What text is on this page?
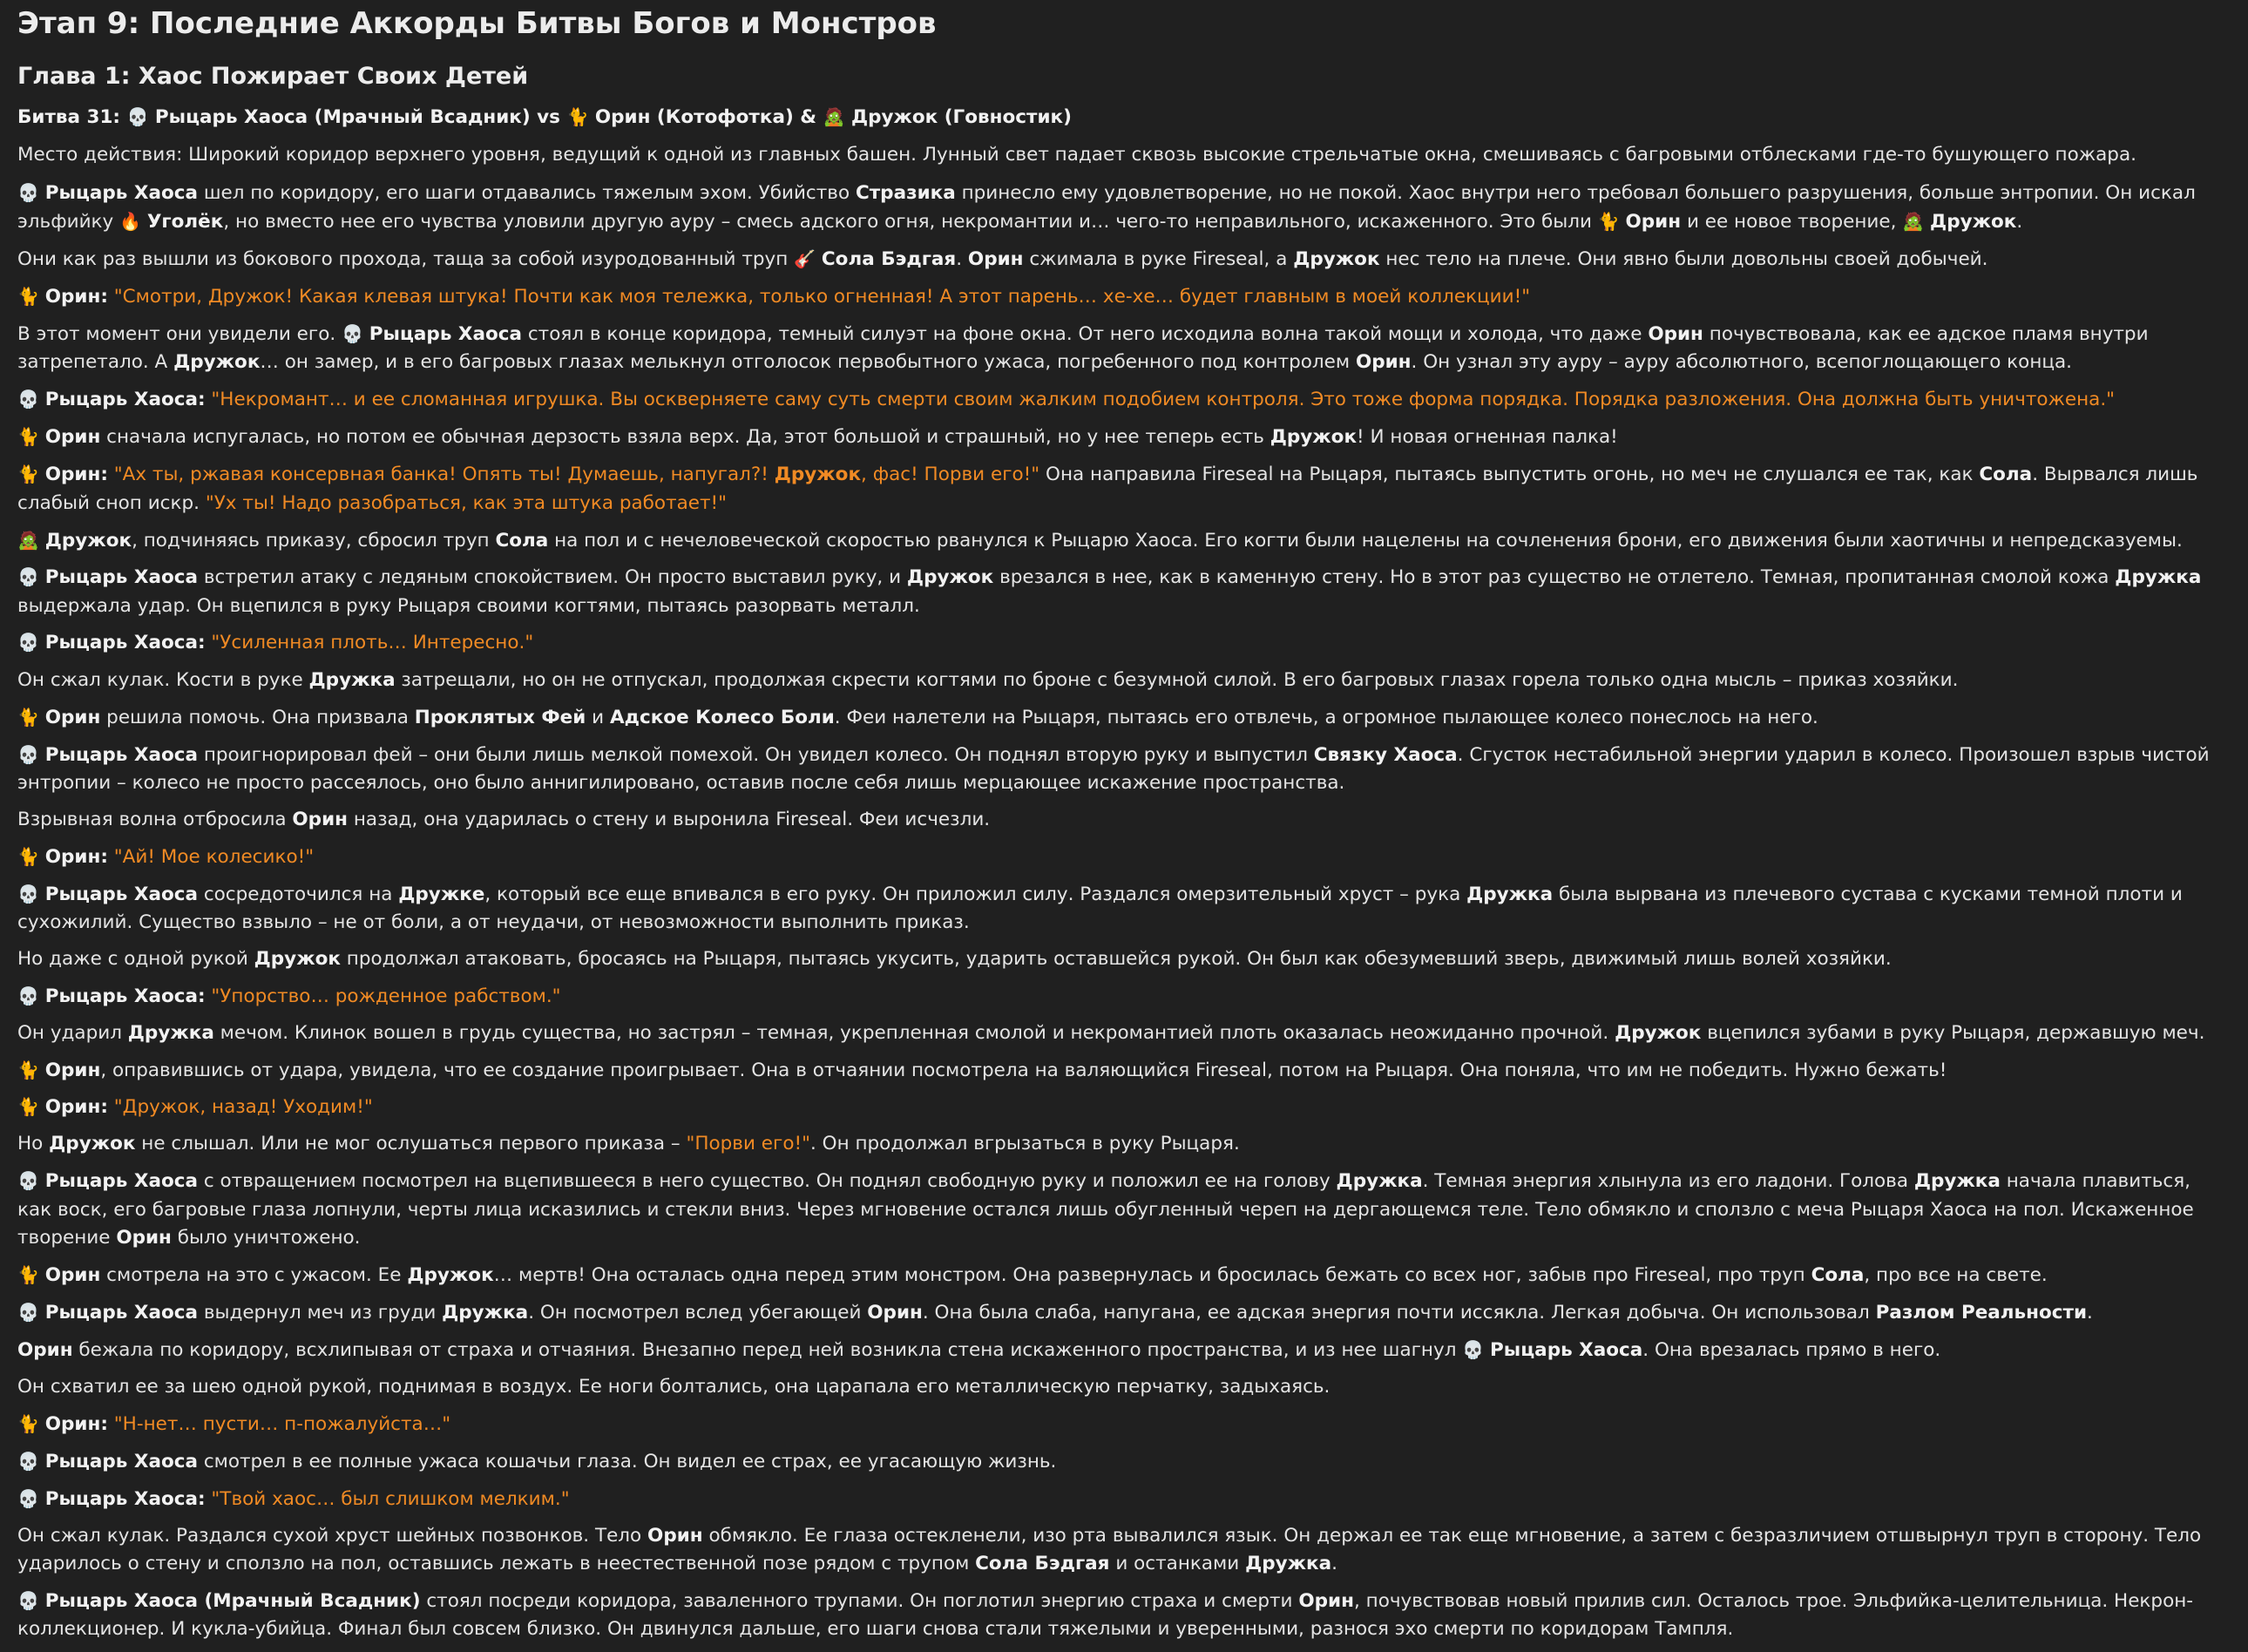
Этап 9: Последние Аккорды Битвы Богов и Монстров
Глава 1: Хаос Пожирает Своих Детей

Битва 31: 💀 Рыцарь Хаоса (Мрачный Всадник) vs 🐈 Орин (Котофотка) & 🧟 Дружок (Говностик)

Место действия: Широкий коридор верхнего уровня, ведущий к одной из главных башен. Лунный свет падает сквозь высокие стрельчатые окна, смешиваясь с багровыми отблесками где-то бушующего пожара.

💀 Рыцарь Хаоса шел по коридору, его шаги отдавались тяжелым эхом. Убийство Стразика принесло ему удовлетворение, но не покой. Хаос внутри него требовал большего разрушения, больше энтропии. Он искал эльфийку 🔥 Уголёк, но вместо нее его чувства уловили другую ауру – смесь адского огня, некромантии и… чего-то неправильного, искаженного. Это были 🐈 Орин и ее новое творение, 🧟 Дружок.

Они как раз вышли из бокового прохода, таща за собой изуродованный труп 🎸 Сола Бэдгая. Орин сжимала в руке Fireseal, а Дружок нес тело на плече. Они явно были довольны своей добычей.

🐈 Орин: "Смотри, Дружок! Какая клевая штука! Почти как моя тележка, только огненная! А этот парень… хе-хе… будет главным в моей коллекции!"

В этот момент они увидели его. 💀 Рыцарь Хаоса стоял в конце коридора, темный силуэт на фоне окна. От него исходила волна такой мощи и холода, что даже Орин почувствовала, как ее адское пламя внутри затрепетало. А Дружок… он замер, и в его багровых глазах мелькнул отголосок первобытного ужаса, погребенного под контролем Орин. Он узнал эту ауру – ауру абсолютного, всепоглощающего конца.

💀 Рыцарь Хаоса: "Некромант… и ее сломанная игрушка. Вы оскверняете саму суть смерти своим жалким подобием контроля. Это тоже форма порядка. Порядка разложения. Она должна быть уничтожена."

🐈 Орин сначала испугалась, но потом ее обычная дерзость взяла верх. Да, этот большой и страшный, но у нее теперь есть Дружок! И новая огненная палка!

🐈 Орин: "Ах ты, ржавая консервная банка! Опять ты! Думаешь, напугал?! Дружок, фас! Порви его!" Она направила Fireseal на Рыцаря, пытаясь выпустить огонь, но меч не слушался ее так, как Сола. Вырвался лишь слабый сноп искр. "Ух ты! Надо разобраться, как эта штука работает!"

🧟 Дружок, подчиняясь приказу, сбросил труп Сола на пол и с нечеловеческой скоростью рванулся к Рыцарю Хаоса. Его когти были нацелены на сочленения брони, его движения были хаотичны и непредсказуемы.

💀 Рыцарь Хаоса встретил атаку с ледяным спокойствием. Он просто выставил руку, и Дружок врезался в нее, как в каменную стену. Но в этот раз существо не отлетело. Темная, пропитанная смолой кожа Дружка выдержала удар. Он вцепился в руку Рыцаря своими когтями, пытаясь разорвать металл.

💀 Рыцарь Хаоса: "Усиленная плоть… Интересно."

Он сжал кулак. Кости в руке Дружка затрещали, но он не отпускал, продолжая скрести когтями по броне с безумной силой. В его багровых глазах горела только одна мысль – приказ хозяйки.

🐈 Орин решила помочь. Она призвала Проклятых Фей и Адское Колесо Боли. Феи налетели на Рыцаря, пытаясь его отвлечь, а огромное пылающее колесо понеслось на него.

💀 Рыцарь Хаоса проигнорировал фей – они были лишь мелкой помехой. Он увидел колесо. Он поднял вторую руку и выпустил Связку Хаоса. Сгусток нестабильной энергии ударил в колесо. Произошел взрыв чистой энтропии – колесо не просто рассеялось, оно было аннигилировано, оставив после себя лишь мерцающее искажение пространства.

Взрывная волна отбросила Орин назад, она ударилась о стену и выронила Fireseal. Феи исчезли.

🐈 Орин: "Ай! Мое колесико!"

💀 Рыцарь Хаоса сосредоточился на Дружке, который все еще впивался в его руку. Он приложил силу. Раздался омерзительный хруст – рука Дружка была вырвана из плечевого сустава с кусками темной плоти и сухожилий. Существо взвыло – не от боли, а от неудачи, от невозможности выполнить приказ.

Но даже с одной рукой Дружок продолжал атаковать, бросаясь на Рыцаря, пытаясь укусить, ударить оставшейся рукой. Он был как обезумевший зверь, движимый лишь волей хозяйки.

💀 Рыцарь Хаоса: "Упорство… рожденное рабством."

Он ударил Дружка мечом. Клинок вошел в грудь существа, но застрял – темная, укрепленная смолой и некромантией плоть оказалась неожиданно прочной. Дружок вцепился зубами в руку Рыцаря, державшую меч.

🐈 Орин, оправившись от удара, увидела, что ее создание проигрывает. Она в отчаянии посмотрела на валяющийся Fireseal, потом на Рыцаря. Она поняла, что им не победить. Нужно бежать!

🐈 Орин: "Дружок, назад! Уходим!"

Но Дружок не слышал. Или не мог ослушаться первого приказа – "Порви его!". Он продолжал вгрызаться в руку Рыцаря.

💀 Рыцарь Хаоса с отвращением посмотрел на вцепившееся в него существо. Он поднял свободную руку и положил ее на голову Дружка. Темная энергия хлынула из его ладони. Голова Дружка начала плавиться, как воск, его багровые глаза лопнули, черты лица исказились и стекли вниз. Через мгновение остался лишь обугленный череп на дергающемся теле. Тело обмякло и сползло с меча Рыцаря Хаоса на пол. Искаженное творение Орин было уничтожено.

🐈 Орин смотрела на это с ужасом. Ее Дружок… мертв! Она осталась одна перед этим монстром. Она развернулась и бросилась бежать со всех ног, забыв про Fireseal, про труп Сола, про все на свете.

💀 Рыцарь Хаоса выдернул меч из груди Дружка. Он посмотрел вслед убегающей Орин. Она была слаба, напугана, ее адская энергия почти иссякла. Легкая добыча. Он использовал Разлом Реальности.

Орин бежала по коридору, всхлипывая от страха и отчаяния. Внезапно перед ней возникла стена искаженного пространства, и из нее шагнул 💀 Рыцарь Хаоса. Она врезалась прямо в него.

Он схватил ее за шею одной рукой, поднимая в воздух. Ее ноги болтались, она царапала его металлическую перчатку, задыхаясь.

🐈 Орин: "Н-нет… пусти… п-пожалуйста…"

💀 Рыцарь Хаоса смотрел в ее полные ужаса кошачьи глаза. Он видел ее страх, ее угасающую жизнь.

💀 Рыцарь Хаоса: "Твой хаос… был слишком мелким."

Он сжал кулак. Раздался сухой хруст шейных позвонков. Тело Орин обмякло. Ее глаза остекленели, изо рта вывалился язык. Он держал ее так еще мгновение, а затем с безразличием отшвырнул труп в сторону. Тело ударилось о стену и сползло на пол, оставшись лежать в неестественной позе рядом с трупом Сола Бэдгая и останками Дружка.

💀 Рыцарь Хаоса (Мрачный Всадник) стоял посреди коридора, заваленного трупами. Он поглотил энергию страха и смерти Орин, почувствовав новый прилив сил. Осталось трое. Эльфийка-целительница. Некрон-коллекционер. И кукла-убийца. Финал был совсем близко. Он двинулся дальше, его шаги снова стали тяжелыми и уверенными, разнося эхо смерти по коридорам Тампля.
